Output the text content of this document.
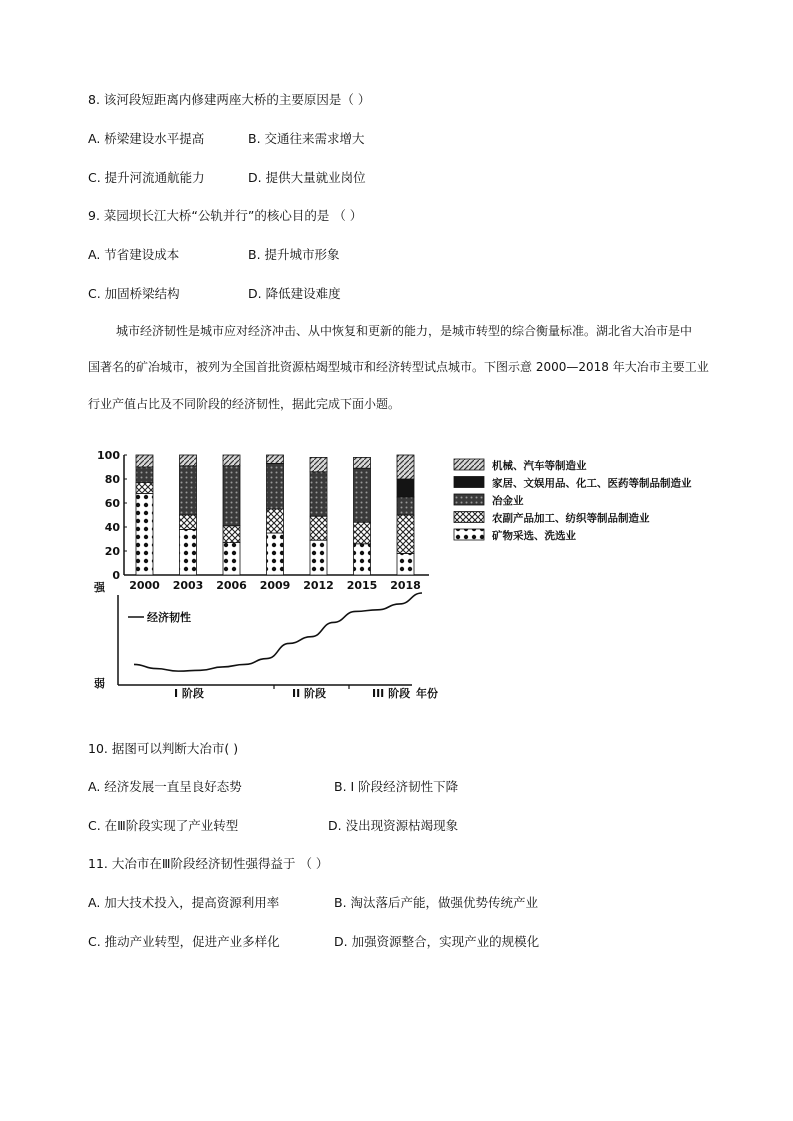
8. 该河段短距离内修建两座大桥的主要原因是（ ）
A. 桥梁建设水平提高	B. 交通往来需求增大
C. 提升河流通航能力	D. 提供大量就业岗位
9. 菜园坝长江大桥“公轨并行”的核心目的是 （ ）
A. 节省建设成本	B. 提升城市形象
C. 加固桥梁结构	D. 降低建设难度
城市经济韧性是城市应对经济冲击、从中恢复和更新的能力，是城市转型的综合衡量标准。湖北省大冶市是中
国著名的矿冶城市，被列为全国首批资源枯竭型城市和经济转型试点城市。下图示意 2000—2018 年大冶市主要工业
行业产值占比及不同阶段的经济韧性，据此完成下面小题。
0
20
40
60
80
100
2000 2003 2006 2009 2012 2015 2018
机械、汽车等制造业
家居、文娱用品、化工、医药等制品制造业
冶金业
农副产品加工、纺织等制品制造业
矿物采选、洗选业
强
弱
经济韧性
I 阶段	II 阶段	III 阶段 年份
10. 据图可以判断大冶市( )
A. 经济发展一直呈良好态势	B. I 阶段经济韧性下降
C. 在Ⅲ阶段实现了产业转型	D. 没出现资源枯竭现象
11. 大冶市在Ⅲ阶段经济韧性强得益于 （ ）
A. 加大技术投入，提高资源利用率	B. 淘汰落后产能，做强优势传统产业
C. 推动产业转型，促进产业多样化	D. 加强资源整合，实现产业的规模化
